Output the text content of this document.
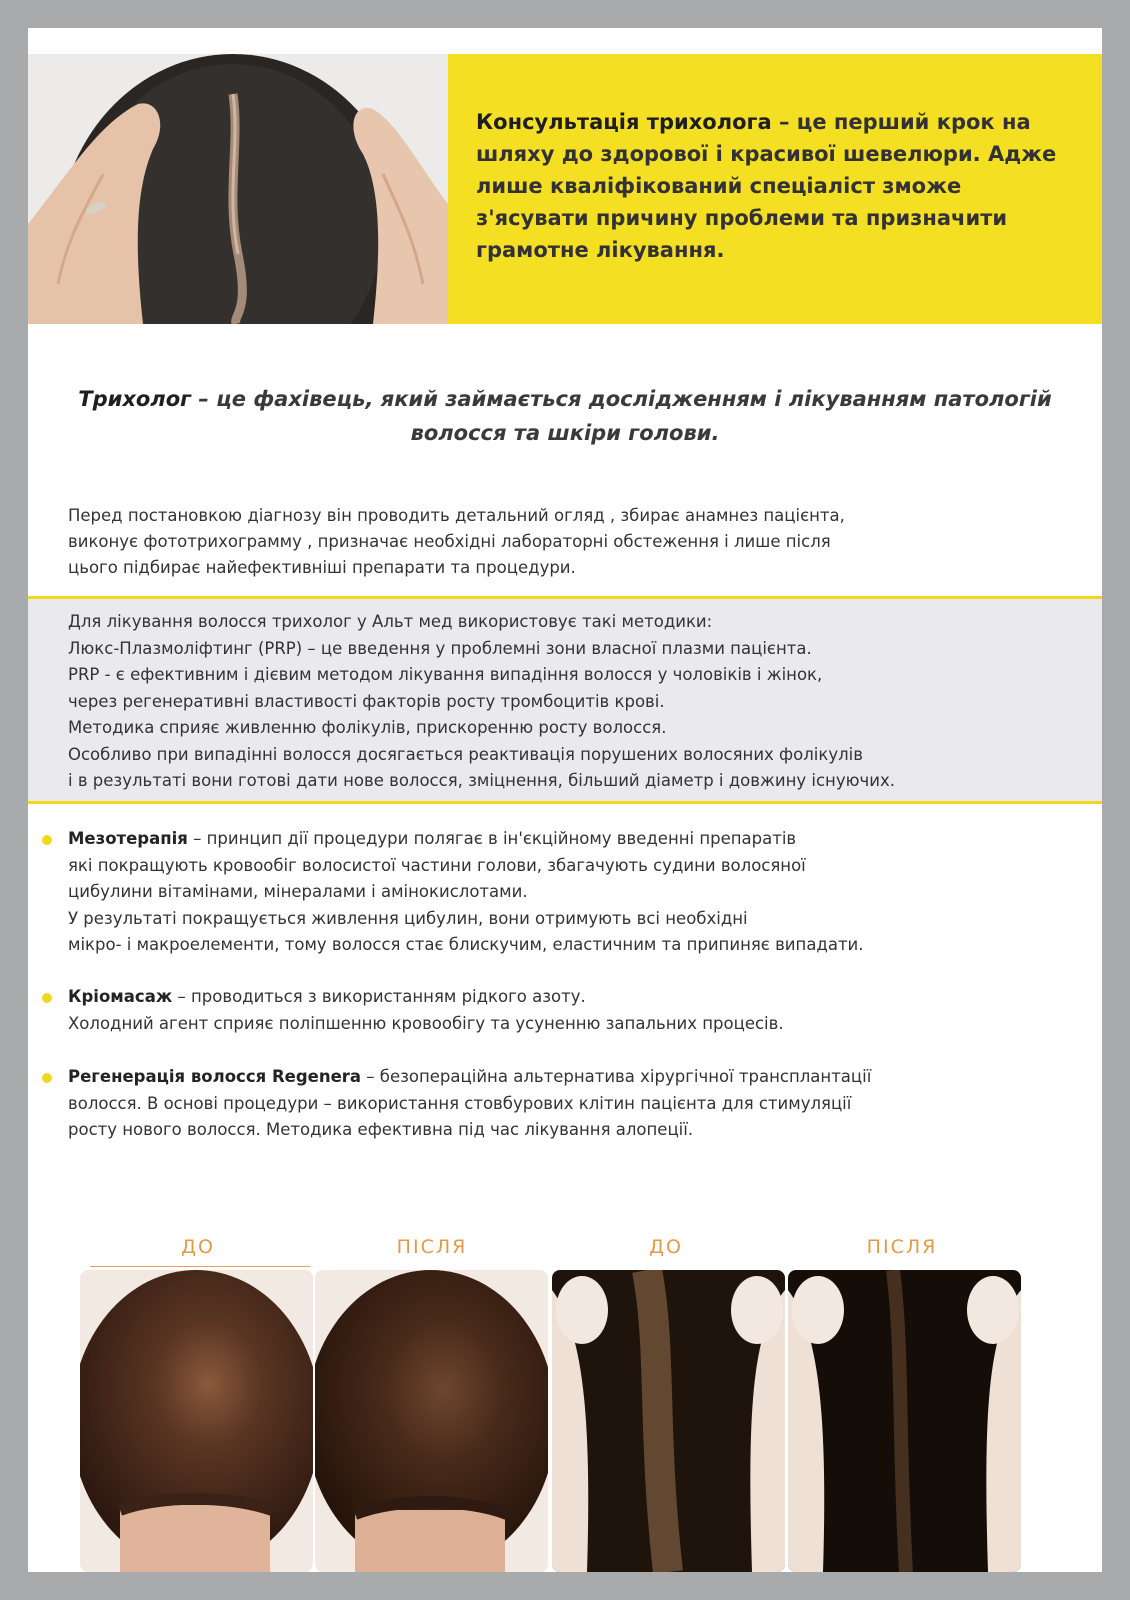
Консультація трихолога – це перший крок на шляху до здорової і красивої шевелюри. Адже лише кваліфікований спеціаліст зможе з'ясувати причину проблеми та призначити грамотне лікування.
Трихолог – це фахівець, який займається дослідженням і лікуванням патологій волосся та шкіри голови.
Перед постановкою діагнозу він проводить детальний огляд , збирає анамнез пацієнта,
виконує фототрихограмму , призначає необхідні лабораторні обстеження і лише після
цього підбирає найефективніші препарати та процедури.
Для лікування волосся трихолог у Альт мед використовує такі методики:
Люкс-Плазмоліфтинг (PRP) – це введення у проблемні зони власної плазми пацієнта.
PRP - є ефективним і дієвим методом лікування випадіння волосся у чоловіків і жінок,
через регенеративні властивості факторів росту тромбоцитів крові.
Методика сприяє живленню фолікулів, прискоренню росту волосся.
Особливо при випадінні волосся досягається реактивація порушених волосяних фолікулів
і в результаті вони готові дати нове волосся, зміцнення, більший діаметр і довжину існуючих.
Мезотерапія – принцип дії процедури полягає в ін'єкційному введенні препаратів
які покращують кровообіг волосистої частини голови, збагачують судини волосяної
цибулини вітамінами, мінералами і амінокислотами.
У результаті покращується живлення цибулин, вони отримують всі необхідні
мікро- і макроелементи, тому волосся стає блискучим, еластичним та припиняє випадати.
Кріомасаж – проводиться з використанням рідкого азоту.
Холодний агент сприяє поліпшенню кровообігу та усуненню запальних процесів.
Регенерація волосся Regenera – безопераційна альтернатива хірургічної трансплантації
волосся. В основі процедури – використання стовбурових клітин пацієнта для стимуляції
росту нового волосся. Методика ефективна під час лікування алопеції.
ДО	ПІСЛЯ	ДО	ПІСЛЯ
